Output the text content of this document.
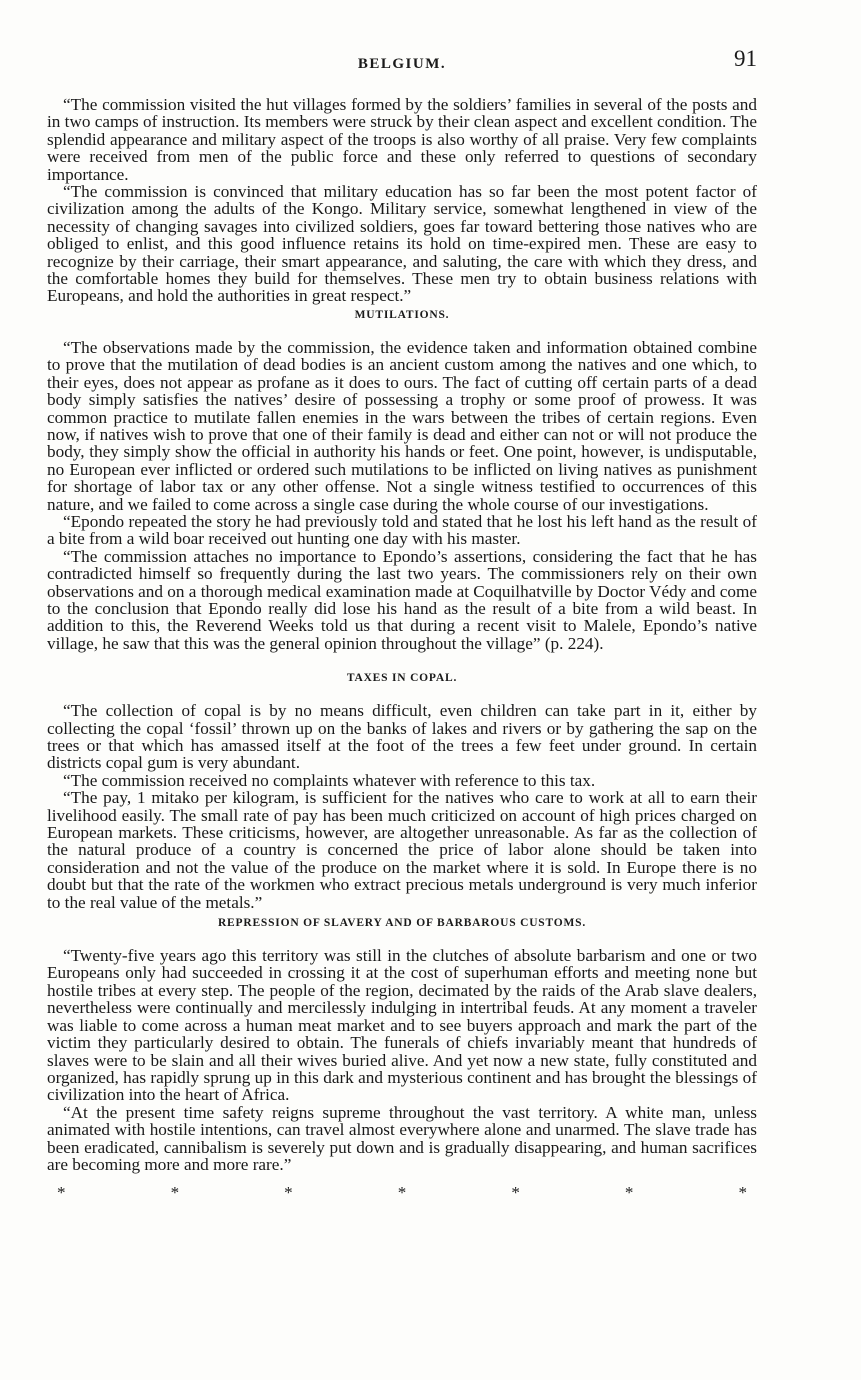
BELGIUM.	91

“The commission visited the hut villages formed by the soldiers’ families in several of the posts and in two camps of instruction. Its members were struck by their clean aspect and excellent condition. The splendid appearance and military aspect of the troops is also worthy of all praise. Very few complaints were received from men of the public force and these only referred to questions of secondary importance.

“The commission is convinced that military education has so far been the most potent factor of civilization among the adults of the Kongo. Military service, somewhat lengthened in view of the necessity of changing savages into civilized soldiers, goes far toward bettering those natives who are obliged to enlist, and this good influence retains its hold on time-expired men. These are easy to recognize by their carriage, their smart appearance, and saluting, the care with which they dress, and the comfortable homes they build for themselves. These men try to obtain business relations with Europeans, and hold the authorities in great respect.”

MUTILATIONS.

“The observations made by the commission, the evidence taken and information obtained combine to prove that the mutilation of dead bodies is an ancient custom among the natives and one which, to their eyes, does not appear as profane as it does to ours. The fact of cutting off certain parts of a dead body simply satisfies the natives’ desire of possessing a trophy or some proof of prowess. It was common practice to mutilate fallen enemies in the wars between the tribes of certain regions. Even now, if natives wish to prove that one of their family is dead and either can not or will not produce the body, they simply show the official in authority his hands or feet. One point, however, is undisputable, no European ever inflicted or ordered such mutilations to be inflicted on living natives as punishment for shortage of labor tax or any other offense. Not a single witness testified to occurrences of this nature, and we failed to come across a single case during the whole course of our investigations.

“Epondo repeated the story he had previously told and stated that he lost his left hand as the result of a bite from a wild boar received out hunting one day with his master.

“The commission attaches no importance to Epondo’s assertions, considering the fact that he has contradicted himself so frequently during the last two years. The commissioners rely on their own observations and on a thorough medical examination made at Coquilhatville by Doctor Védy and come to the conclusion that Epondo really did lose his hand as the result of a bite from a wild beast. In addition to this, the Reverend Weeks told us that during a recent visit to Malele, Epondo’s native village, he saw that this was the general opinion throughout the village” (p. 224).

TAXES IN COPAL.

“The collection of copal is by no means difficult, even children can take part in it, either by collecting the copal ‘fossil’ thrown up on the banks of lakes and rivers or by gathering the sap on the trees or that which has amassed itself at the foot of the trees a few feet under ground. In certain districts copal gum is very abundant.

“The commission received no complaints whatever with reference to this tax.

“The pay, 1 mitako per kilogram, is sufficient for the natives who care to work at all to earn their livelihood easily. The small rate of pay has been much criticized on account of high prices charged on European markets. These criticisms, however, are altogether unreasonable. As far as the collection of the natural produce of a country is concerned the price of labor alone should be taken into consideration and not the value of the produce on the market where it is sold. In Europe there is no doubt but that the rate of the workmen who extract precious metals underground is very much inferior to the real value of the metals.”

REPRESSION OF SLAVERY AND OF BARBAROUS CUSTOMS.

“Twenty-five years ago this territory was still in the clutches of absolute barbarism and one or two Europeans only had succeeded in crossing it at the cost of superhuman efforts and meeting none but hostile tribes at every step. The people of the region, decimated by the raids of the Arab slave dealers, nevertheless were continually and mercilessly indulging in intertribal feuds. At any moment a traveler was liable to come across a human meat market and to see buyers approach and mark the part of the victim they particularly desired to obtain. The funerals of chiefs invariably meant that hundreds of slaves were to be slain and all their wives buried alive. And yet now a new state, fully constituted and organized, has rapidly sprung up in this dark and mysterious continent and has brought the blessings of civilization into the heart of Africa.

“At the present time safety reigns supreme throughout the vast territory. A white man, unless animated with hostile intentions, can travel almost everywhere alone and unarmed. The slave trade has been eradicated, cannibalism is severely put down and is gradually disappearing, and human sacrifices are becoming more and more rare.”

*	*	*	*	*	*	*
